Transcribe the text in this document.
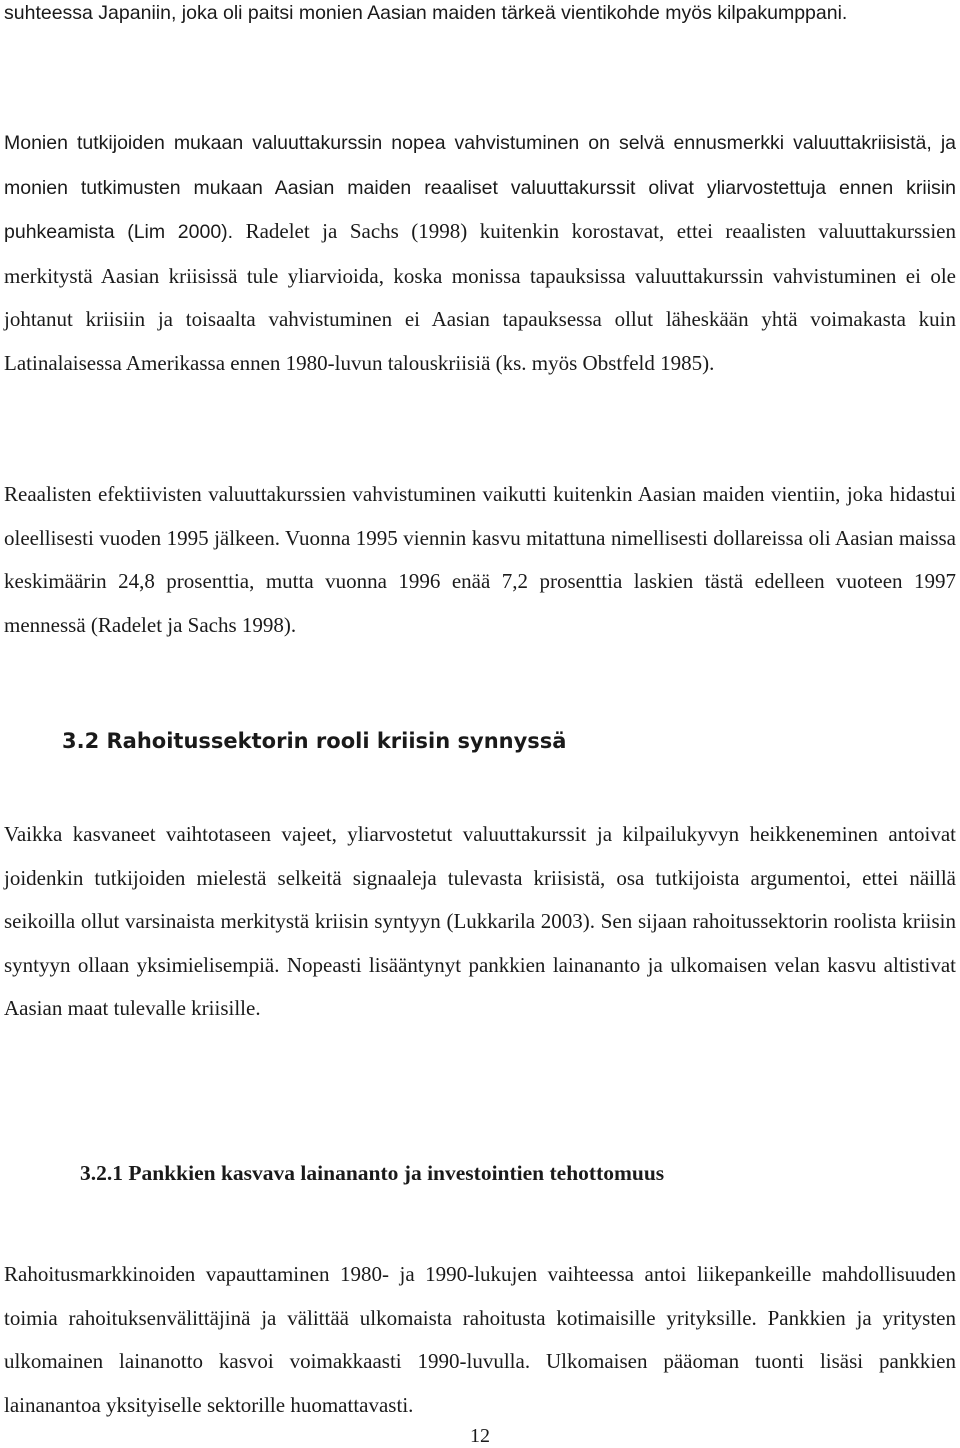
suhteessa Japaniin, joka oli paitsi monien Aasian maiden tärkeä vientikohde myös kilpakumppani.

Monien tutkijoiden mukaan valuuttakurssin nopea vahvistuminen on selvä ennusmerkki valuuttakriisistä, ja monien tutkimusten mukaan Aasian maiden reaaliset valuuttakurssit olivat yliarvostettuja ennen kriisin puhkeamista (Lim 2000). Radelet ja Sachs (1998) kuitenkin korostavat, ettei reaalisten valuuttakurssien merkitystä Aasian kriisissä tule yliarvioida, koska monissa tapauksissa valuuttakurssin vahvistuminen ei ole johtanut kriisiin ja toisaalta vahvistuminen ei Aasian tapauksessa ollut läheskään yhtä voimakasta kuin Latinalaisessa Amerikassa ennen 1980-luvun talouskriisiä (ks. myös Obstfeld 1985).

Reaalisten efektiivisten valuuttakurssien vahvistuminen vaikutti kuitenkin Aasian maiden vientiin, joka hidastui oleellisesti vuoden 1995 jälkeen. Vuonna 1995 viennin kasvu mitattuna nimellisesti dollareissa oli Aasian maissa keskimäärin 24,8 prosenttia, mutta vuonna 1996 enää 7,2 prosenttia laskien tästä edelleen vuoteen 1997 mennessä (Radelet ja Sachs 1998).

3.2 Rahoitussektorin rooli kriisin synnyssä

Vaikka kasvaneet vaihtotaseen vajeet, yliarvostetut valuuttakurssit ja kilpailukyvyn heikkeneminen antoivat joidenkin tutkijoiden mielestä selkeitä signaaleja tulevasta kriisistä, osa tutkijoista argumentoi, ettei näillä seikoilla ollut varsinaista merkitystä kriisin syntyyn (Lukkarila 2003). Sen sijaan rahoitussektorin roolista kriisin syntyyn ollaan yksimielisempiä. Nopeasti lisääntynyt pankkien lainananto ja ulkomaisen velan kasvu altistivat Aasian maat tulevalle kriisille.

3.2.1 Pankkien kasvava lainananto ja investointien tehottomuus

Rahoitusmarkkinoiden vapauttaminen 1980- ja 1990-lukujen vaihteessa antoi liikepankeille mahdollisuuden toimia rahoituksenvälittäjinä ja välittää ulkomaista rahoitusta kotimaisille yrityksille. Pankkien ja yritysten ulkomainen lainanotto kasvoi voimakkaasti 1990-luvulla. Ulkomaisen pääoman tuonti lisäsi pankkien lainanantoa yksityiselle sektorille huomattavasti.

12
